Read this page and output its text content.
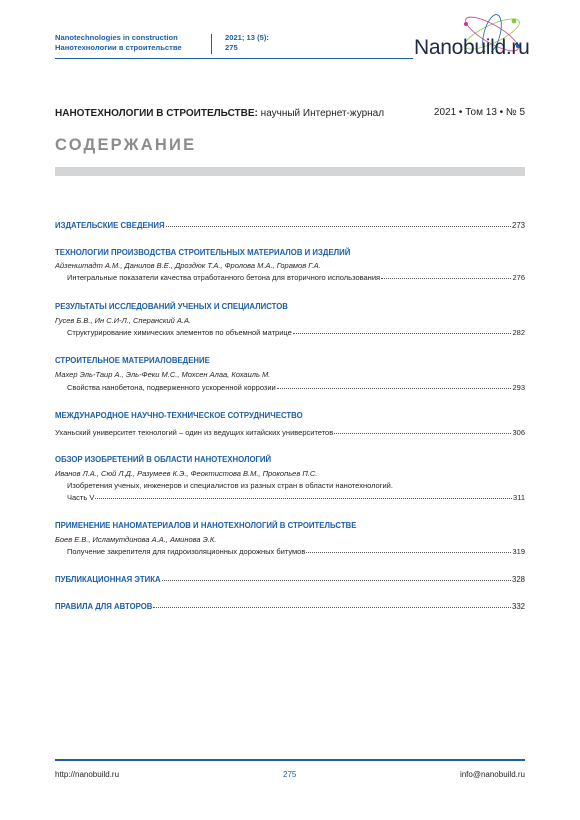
Nanotechnologies in construction
Нанотехнологии в строительстве
2021; 13 (5):
275	Nanobuild.ru
НАНОТЕХНОЛОГИИ В СТРОИТЕЛЬСТВЕ: научный Интернет-журнал	2021 • Том 13 • № 5
СОДЕРЖАНИЕ
ИЗДАТЕЛЬСКИЕ СВЕДЕНИЯ	273
ТЕХНОЛОГИИ ПРОИЗВОДСТВА СТРОИТЕЛЬНЫХ МАТЕРИАЛОВ И ИЗДЕЛИЙ
Айзенштадт А.М., Данилов В.Е., Дроздюк Т.А., Фролова М.А., Горамов Г.А.
Интегральные показатели качества отработанного бетона для вторичного использования	276
РЕЗУЛЬТАТЫ ИССЛЕДОВАНИЙ УЧЕНЫХ И СПЕЦИАЛИСТОВ
Гусев Б.В., Ин С.И-Л., Сперанский А.А.
Структурирование химических элементов по объемной матрице	282
СТРОИТЕЛЬНОЕ МАТЕРИАЛОВЕДЕНИЕ
Махер Эль-Таир А., Эль-Феки М.С., Мохсен Алаа, Кохаиль М.
Свойства нанобетона, подверженного ускоренной коррозии	293
МЕЖДУНАРОДНОЕ НАУЧНО-ТЕХНИЧЕСКОЕ СОТРУДНИЧЕСТВО
Уханьский университет технологий – один из ведущих китайских университетов	306
ОБЗОР ИЗОБРЕТЕНИЙ В ОБЛАСТИ НАНОТЕХНОЛОГИЙ
Иванов Л.А., Сюй Л.Д., Разумеев К.Э., Феоктистова В.М., Прокопьев П.С.
Изобретения ученых, инженеров и специалистов из разных стран в области нанотехнологий.
Часть V	311
ПРИМЕНЕНИЕ НАНОМАТЕРИАЛОВ И НАНОТЕХНОЛОГИЙ В СТРОИТЕЛЬСТВЕ
Боев Е.В., Исламутдинова А.А., Аминова Э.К.
Получение закрепителя для гидроизоляционных дорожных битумов	319
ПУБЛИКАЦИОННАЯ ЭТИКА	328
ПРАВИЛА ДЛЯ АВТОРОВ	332
http://nanobuild.ru	275	info@nanobuild.ru
